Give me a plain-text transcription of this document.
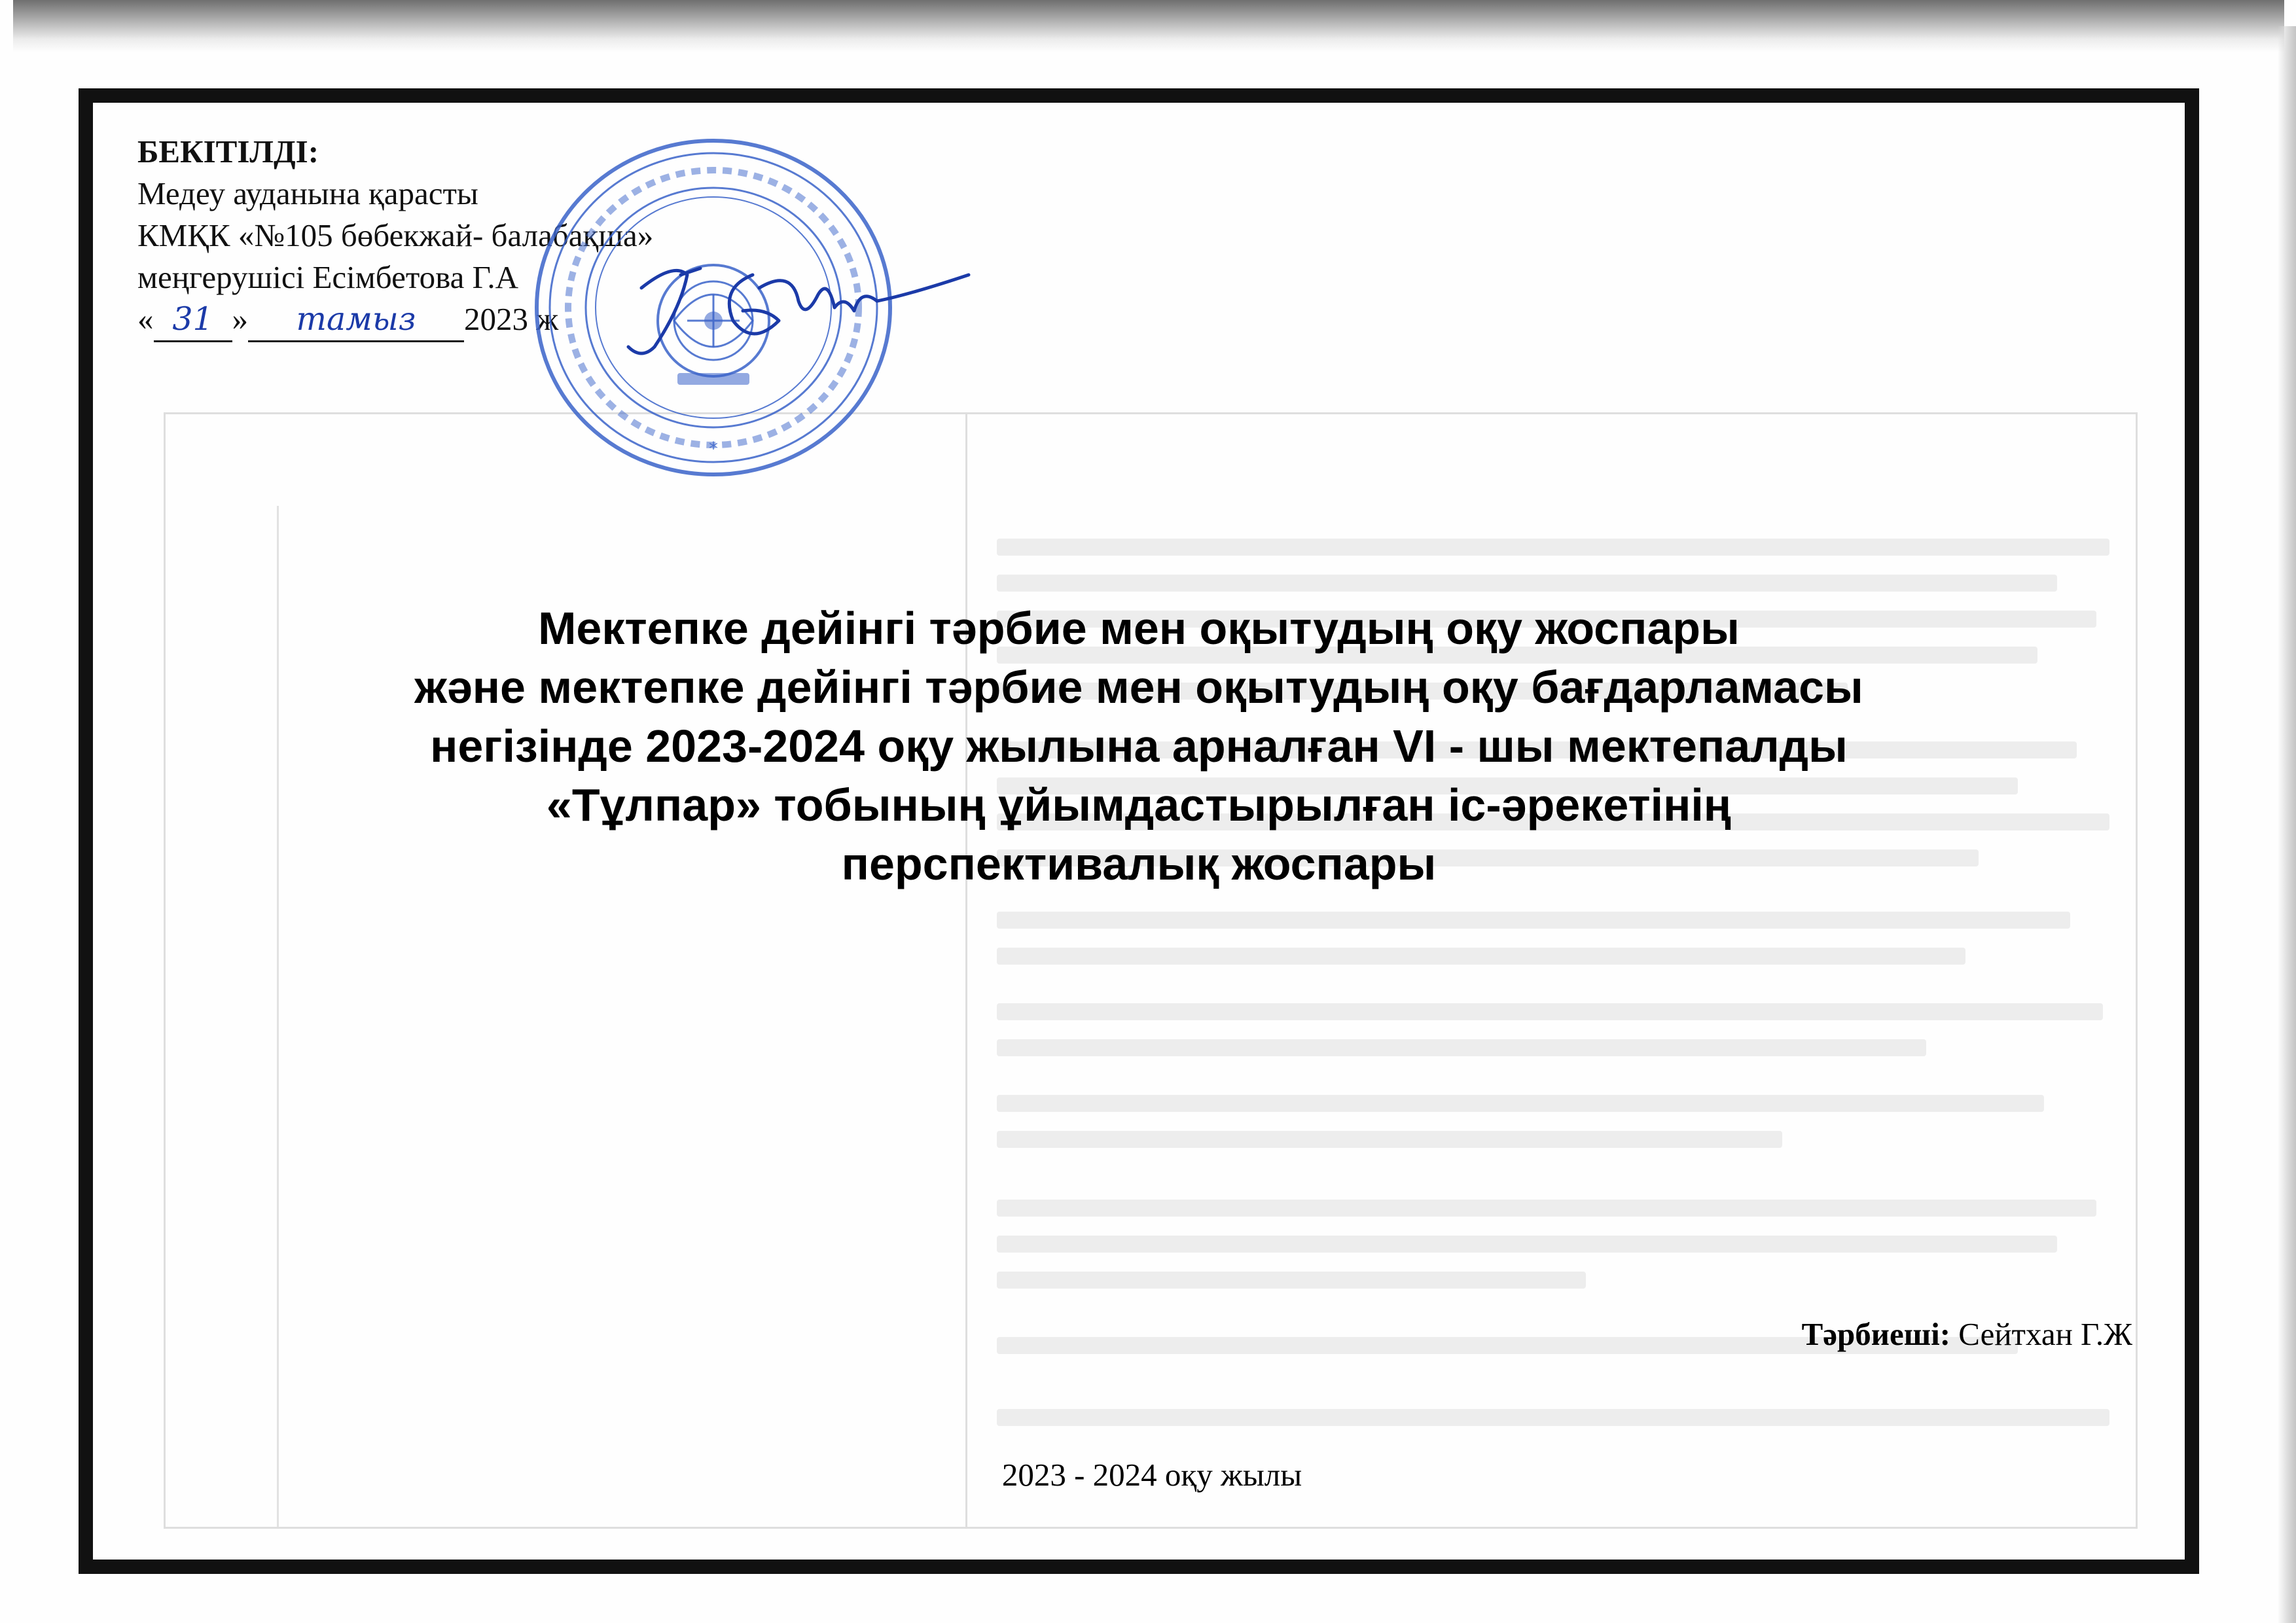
БЕКІТІЛДІ:
Медеу ауданына қарасты
КМҚК «№105 бөбекжай- балабақша»
меңгерушісі Есімбетова Г.А
« 31 » тамыз 2023 ж
*
Мектепке дейінгі тәрбие мен оқытудың оқу жоспары
және мектепке дейінгі тәрбие мен оқытудың оқу бағдарламасы
негізінде 2023-2024 оқу жылына арналған VI - шы мектепалды
«Тұлпар» тобының ұйымдастырылған іс-әрекетінің
перспективалық жоспары
Тәрбиеші: Сейтхан Г.Ж
2023 - 2024 оқу жылы
